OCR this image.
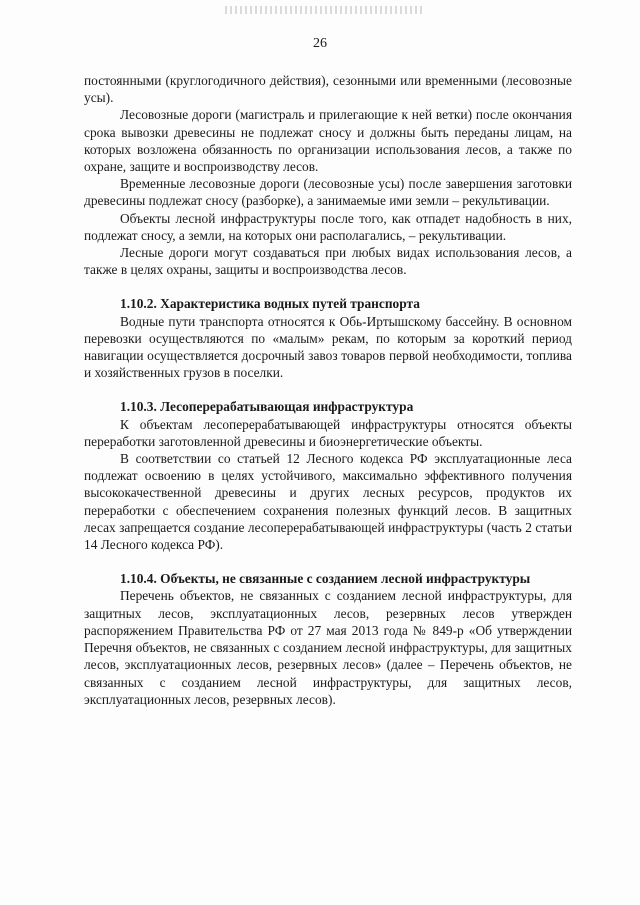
26

постоянными (круглогодичного действия), сезонными или временными (лесовозные усы).

Лесовозные дороги (магистраль и прилегающие к ней ветки) после окончания срока вывозки древесины не подлежат сносу и должны быть переданы лицам, на которых возложена обязанность по организации использования лесов, а также по охране, защите и воспроизводству лесов.

Временные лесовозные дороги (лесовозные усы) после завершения заготовки древесины подлежат сносу (разборке), а занимаемые ими земли – рекультивации.

Объекты лесной инфраструктуры после того, как отпадет надобность в них, подлежат сносу, а земли, на которых они располагались, – рекультивации.

Лесные дороги могут создаваться при любых видах использования лесов, а также в целях охраны, защиты и воспроизводства лесов.

1.10.2. Характеристика водных путей транспорта

Водные пути транспорта относятся к Обь-Иртышскому бассейну. В основном перевозки осуществляются по «малым» рекам, по которым за короткий период навигации осуществляется досрочный завоз товаров первой необходимости, топлива и хозяйственных грузов в поселки.

1.10.3. Лесоперерабатывающая инфраструктура

К объектам лесоперерабатывающей инфраструктуры относятся объекты переработки заготовленной древесины и биоэнергетические объекты.

В соответствии со статьей 12 Лесного кодекса РФ эксплуатационные леса подлежат освоению в целях устойчивого, максимально эффективного получения высококачественной древесины и других лесных ресурсов, продуктов их переработки с обеспечением сохранения полезных функций лесов. В защитных лесах запрещается создание лесоперерабатывающей инфраструктуры (часть 2 статьи 14 Лесного кодекса РФ).

1.10.4. Объекты, не связанные с созданием лесной инфраструктуры

Перечень объектов, не связанных с созданием лесной инфраструктуры, для защитных лесов, эксплуатационных лесов, резервных лесов утвержден распоряжением Правительства РФ от 27 мая 2013 года № 849-р «Об утверждении Перечня объектов, не связанных с созданием лесной инфраструктуры, для защитных лесов, эксплуатационных лесов, резервных лесов» (далее – Перечень объектов, не связанных с созданием лесной инфраструктуры, для защитных лесов, эксплуатационных лесов, резервных лесов).
